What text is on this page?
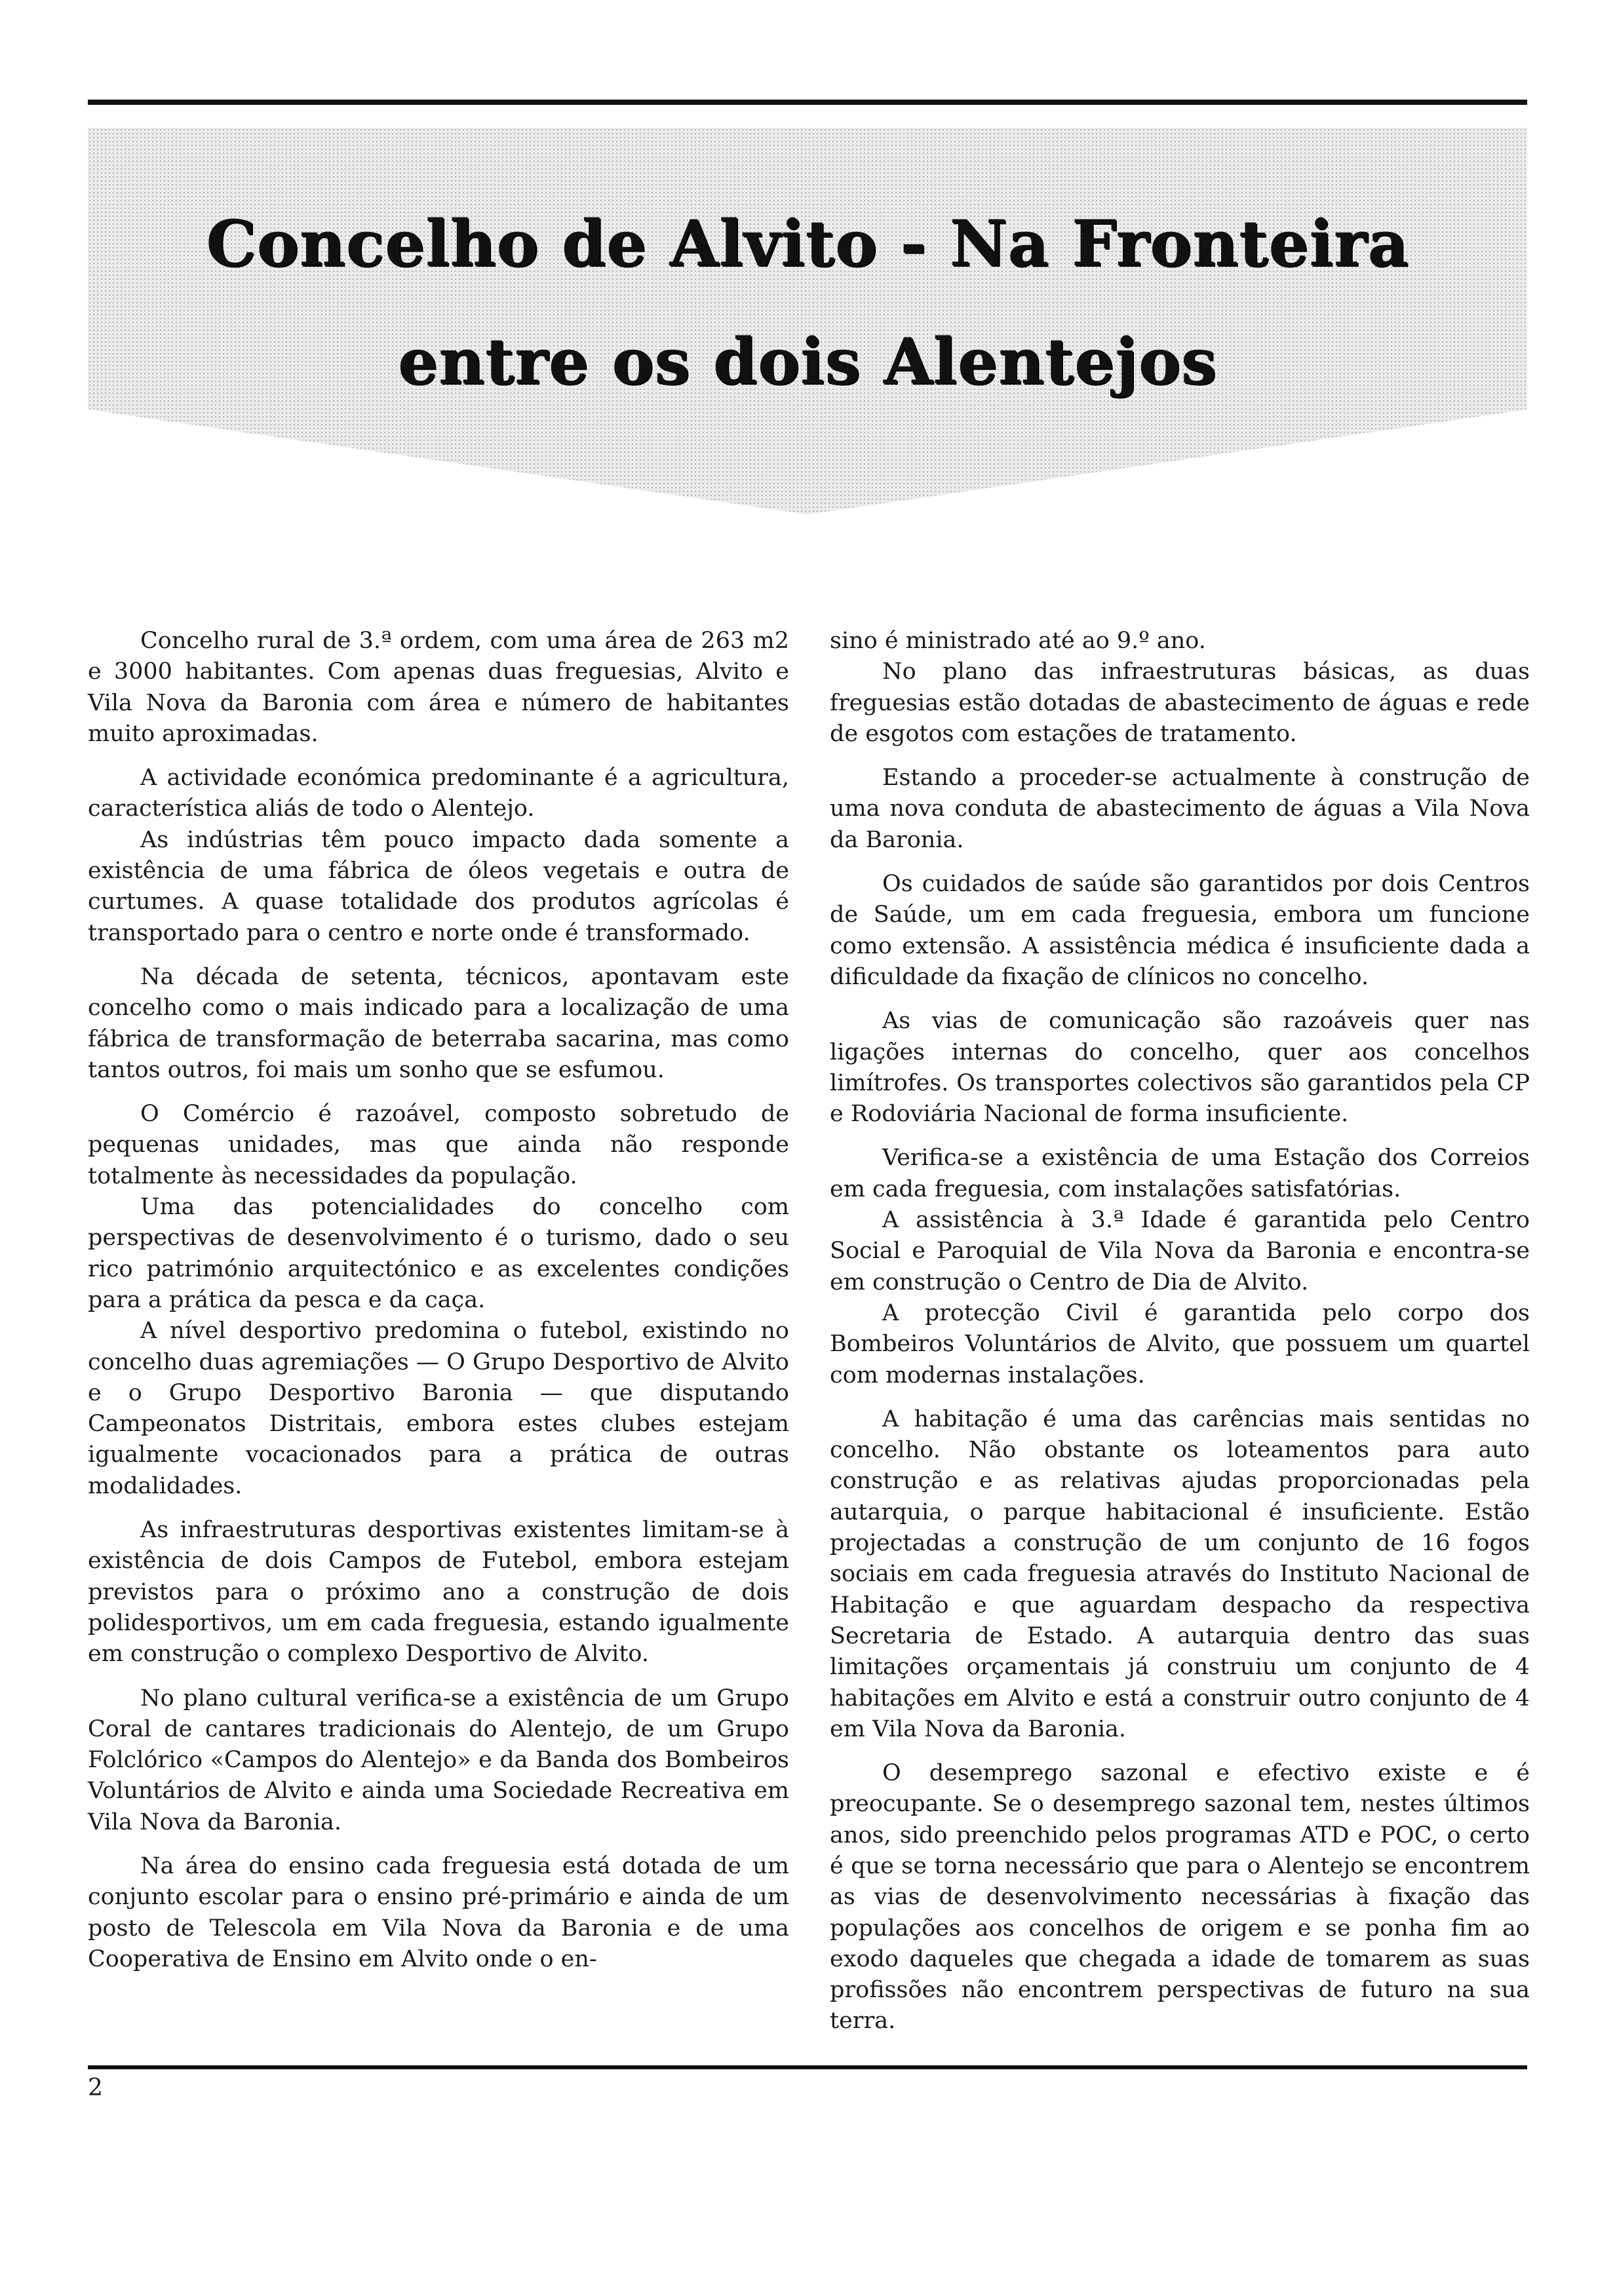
Concelho de Alvito - Na Fronteira
entre os dois Alentejos

Concelho rural de 3.ª ordem, com uma área de 263 m2 e 3000 habitantes. Com apenas duas freguesias, Alvito e Vila Nova da Baronia com área e número de habitantes muito aproximadas.

A actividade económica predominante é a agricultura, característica aliás de todo o Alentejo.

As indústrias têm pouco impacto dada somente a existência de uma fábrica de óleos vegetais e outra de curtumes. A quase totalidade dos produtos agrícolas é transportado para o centro e norte onde é transformado.

Na década de setenta, técnicos, apontavam este concelho como o mais indicado para a localização de uma fábrica de transformação de beterraba sacarina, mas como tantos outros, foi mais um sonho que se esfumou.

O Comércio é razoável, composto sobretudo de pequenas unidades, mas que ainda não responde totalmente às necessidades da população.

Uma das potencialidades do concelho com perspectivas de desenvolvimento é o turismo, dado o seu rico património arquitectónico e as excelentes condições para a prática da pesca e da caça.

A nível desportivo predomina o futebol, existindo no concelho duas agremiações — O Grupo Desportivo de Alvito e o Grupo Desportivo Baronia — que disputando Campeonatos Distritais, embora estes clubes estejam igualmente vocacionados para a prática de outras modalidades.

As infraestruturas desportivas existentes limitam-se à existência de dois Campos de Futebol, embora estejam previstos para o próximo ano a construção de dois polidesportivos, um em cada freguesia, estando igualmente em construção o complexo Desportivo de Alvito.

No plano cultural verifica-se a existência de um Grupo Coral de cantares tradicionais do Alentejo, de um Grupo Folclórico «Campos do Alentejo» e da Banda dos Bombeiros Voluntários de Alvito e ainda uma Sociedade Recreativa em Vila Nova da Baronia.

Na área do ensino cada freguesia está dotada de um conjunto escolar para o ensino pré-primário e ainda de um posto de Telescola em Vila Nova da Baronia e de uma Cooperativa de Ensino em Alvito onde o en-

sino é ministrado até ao 9.º ano.

No plano das infraestruturas básicas, as duas freguesias estão dotadas de abastecimento de águas e rede de esgotos com estações de tratamento.

Estando a proceder-se actualmente à construção de uma nova conduta de abastecimento de águas a Vila Nova da Baronia.

Os cuidados de saúde são garantidos por dois Centros de Saúde, um em cada freguesia, embora um funcione como extensão. A assistência médica é insuficiente dada a dificuldade da fixação de clínicos no concelho.

As vias de comunicação são razoáveis quer nas ligações internas do concelho, quer aos concelhos limítrofes. Os transportes colectivos são garantidos pela CP e Rodoviária Nacional de forma insuficiente.

Verifica-se a existência de uma Estação dos Correios em cada freguesia, com instalações satisfatórias.

A assistência à 3.ª Idade é garantida pelo Centro Social e Paroquial de Vila Nova da Baronia e encontra-se em construção o Centro de Dia de Alvito.

A protecção Civil é garantida pelo corpo dos Bombeiros Voluntários de Alvito, que possuem um quartel com modernas instalações.

A habitação é uma das carências mais sentidas no concelho. Não obstante os loteamentos para auto construção e as relativas ajudas proporcionadas pela autarquia, o parque habitacional é insuficiente. Estão projectadas a construção de um conjunto de 16 fogos sociais em cada freguesia através do Instituto Nacional de Habitação e que aguardam despacho da respectiva Secretaria de Estado. A autarquia dentro das suas limitações orçamentais já construiu um conjunto de 4 habitações em Alvito e está a construir outro conjunto de 4 em Vila Nova da Baronia.

O desemprego sazonal e efectivo existe e é preocupante. Se o desemprego sazonal tem, nestes últimos anos, sido preenchido pelos programas ATD e POC, o certo é que se torna necessário que para o Alentejo se encontrem as vias de desenvolvimento necessárias à fixação das populações aos concelhos de origem e se ponha fim ao exodo daqueles que chegada a idade de tomarem as suas profissões não encontrem perspectivas de futuro na sua terra.

2
